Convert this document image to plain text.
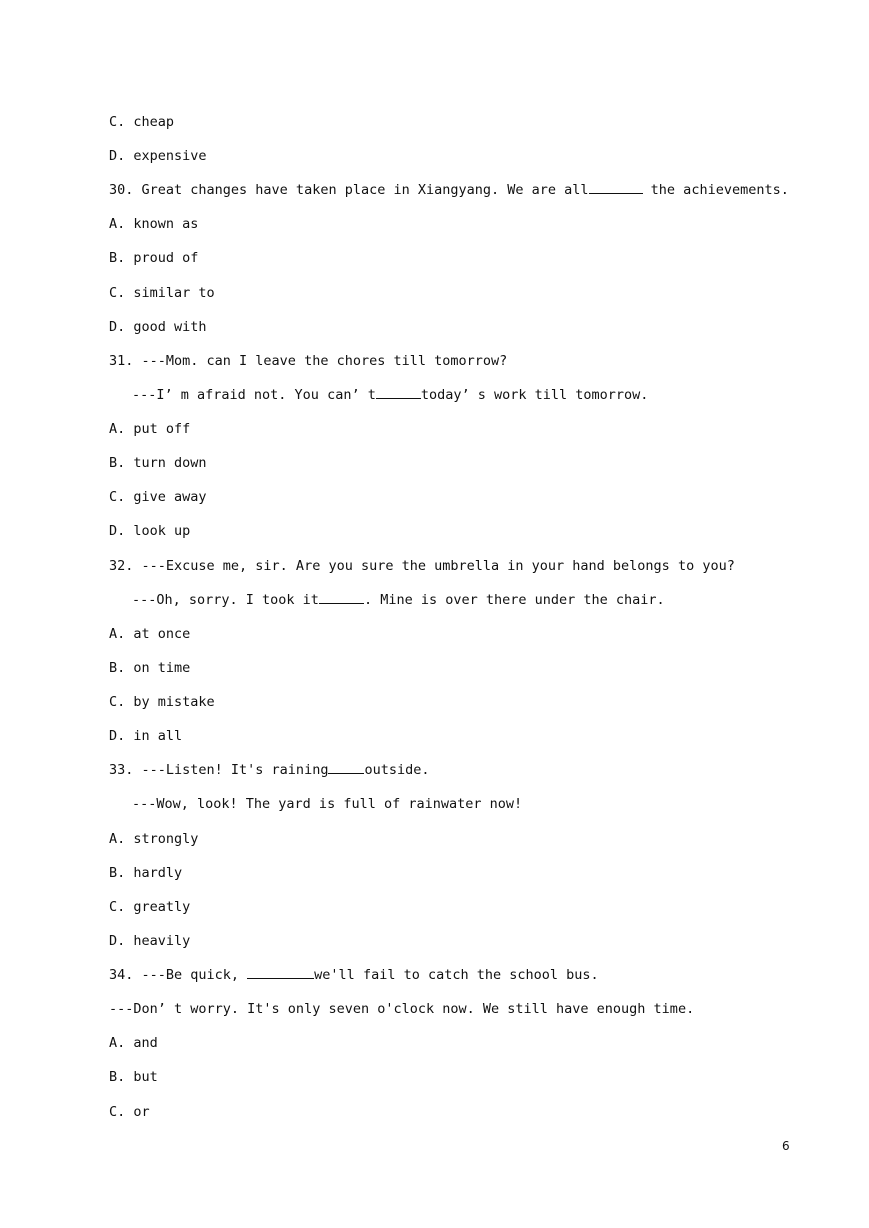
C. cheap
D. expensive
30. Great changes have taken place in Xiangyang. We are all	the achievements.
A. known as
B. proud of
C. similar to
D. good with
31. ---Mom. can I leave the chores till tomorrow?
---I’ m afraid not. You can’ t	today’ s work till tomorrow.
A. put off
B. turn down
C. give away
D. look up
32. ---Excuse me, sir. Are you sure the umbrella in your hand belongs to you?
---Oh, sorry. I took it	. Mine is over there under the chair.
A. at once
B. on time
C. by mistake
D. in all
33. ---Listen! It's raining	outside.
---Wow, look! The yard is full of rainwater now!
A. strongly
B. hardly
C. greatly
D. heavily
34. ---Be quick,	we'll fail to catch the school bus.
---Don’ t worry. It's only seven o'clock now. We still have enough time.
A. and
B. but
C. or
6
